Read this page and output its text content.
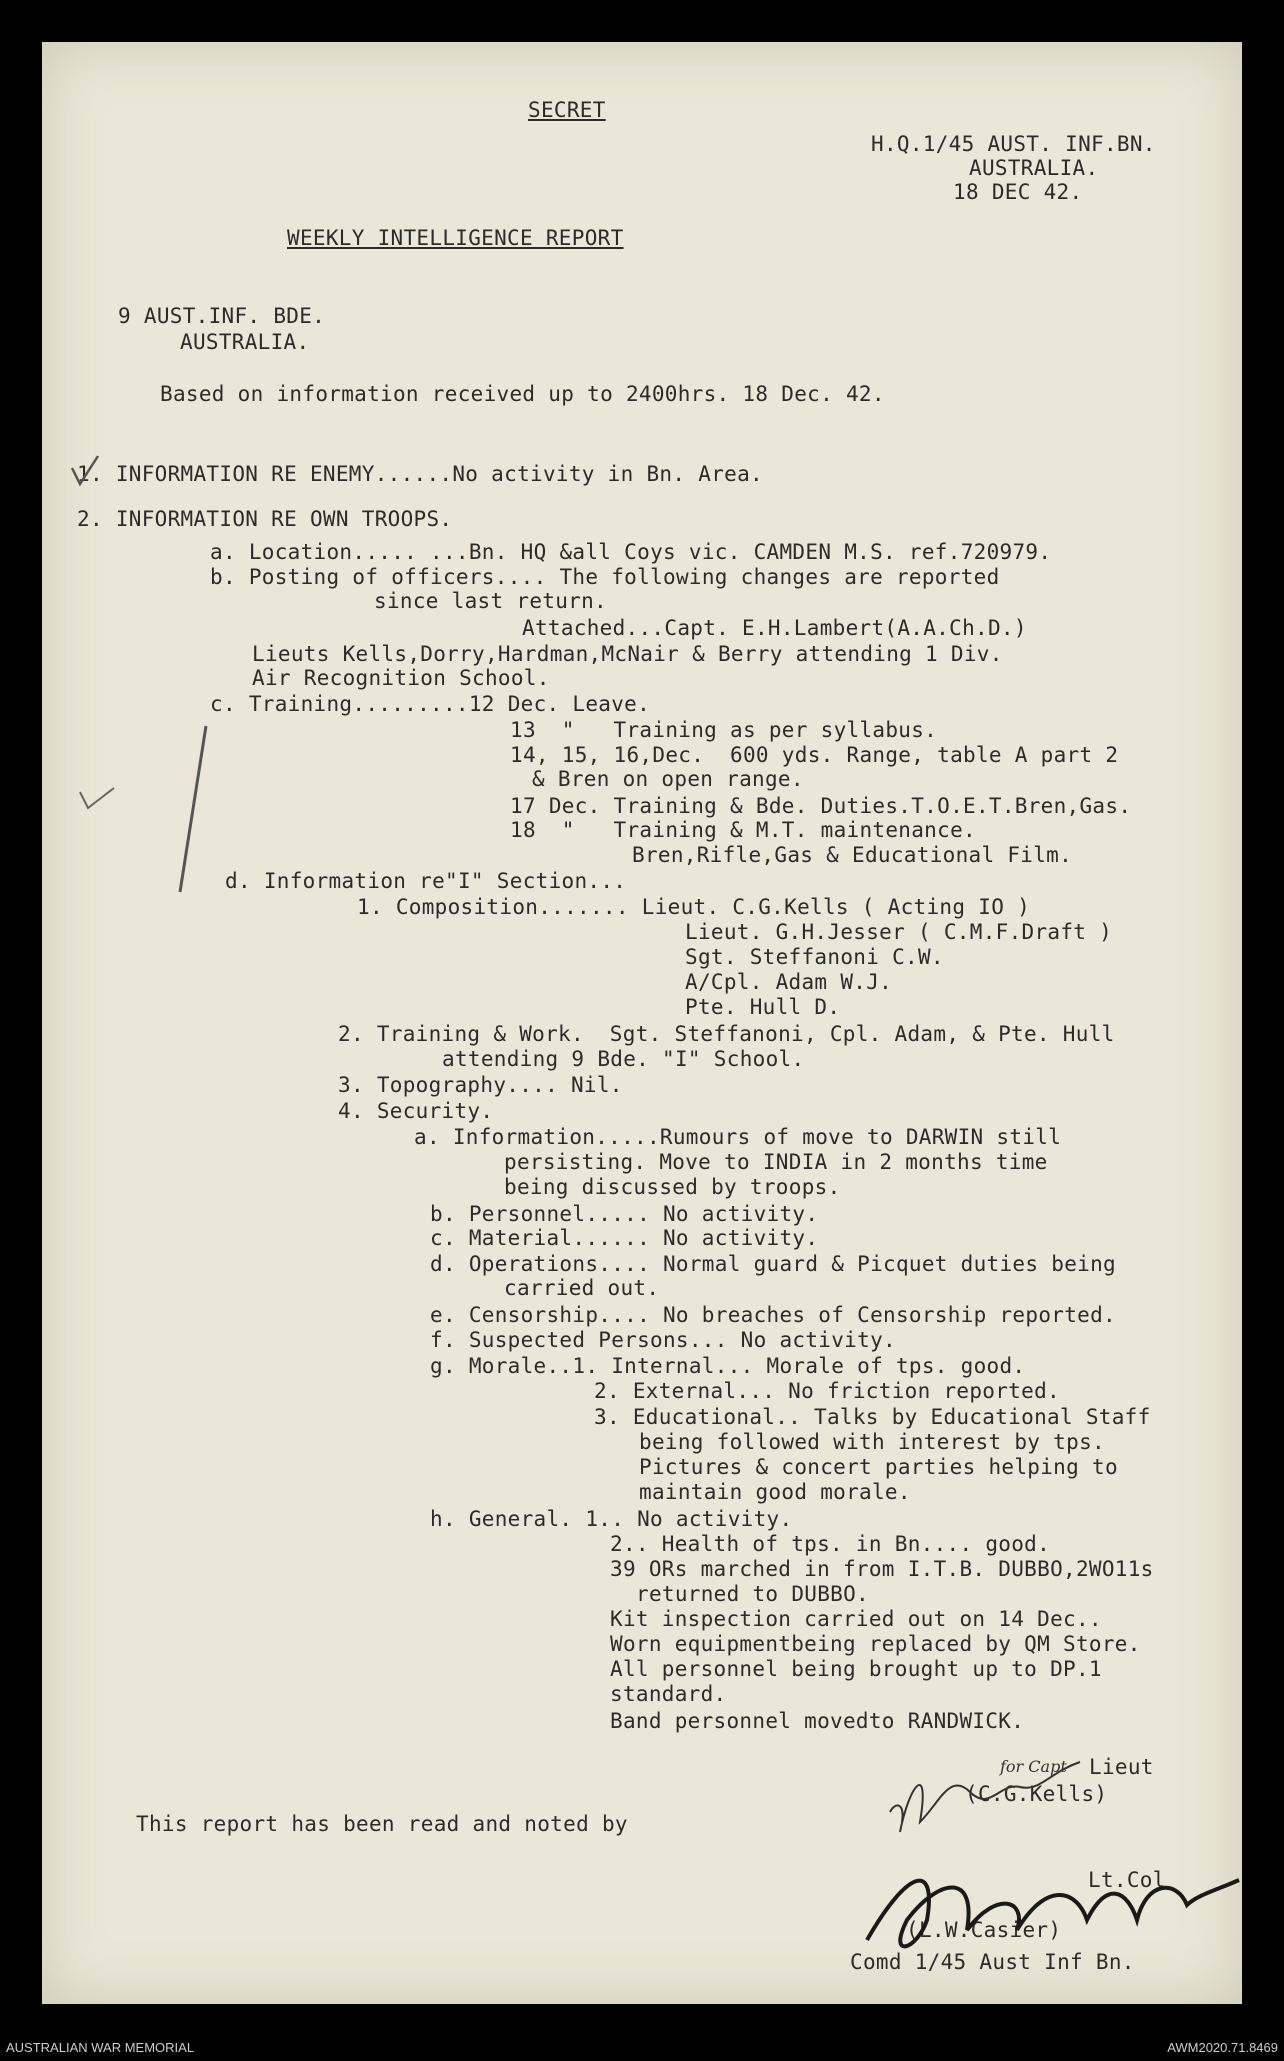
SECRET
H.Q.1/45 AUST. INF.BN.
AUSTRALIA.
18 DEC 42.
WEEKLY INTELLIGENCE REPORT
9 AUST.INF. BDE.
AUSTRALIA.
Based on information received up to 2400hrs. 18 Dec. 42.
1. INFORMATION RE ENEMY......No activity in Bn. Area.
2. INFORMATION RE OWN TROOPS.
a. Location..... ...Bn. HQ &all Coys vic. CAMDEN M.S. ref.720979.
b. Posting of officers.... The following changes are reported
since last return.
Attached...Capt. E.H.Lambert(A.A.Ch.D.)
Lieuts Kells,Dorry,Hardman,McNair & Berry attending 1 Div.
Air Recognition School.
c. Training.........12 Dec. Leave.
13  "   Training as per syllabus.
14, 15, 16,Dec.  600 yds. Range, table A part 2
& Bren on open range.
17 Dec. Training & Bde. Duties.T.O.E.T.Bren,Gas.
18  "   Training & M.T. maintenance.
Bren,Rifle,Gas & Educational Film.
d. Information re"I" Section...
1. Composition....... Lieut. C.G.Kells ( Acting IO )
Lieut. G.H.Jesser ( C.M.F.Draft )
Sgt. Steffanoni C.W.
A/Cpl. Adam W.J.
Pte. Hull D.
2. Training & Work.  Sgt. Steffanoni, Cpl. Adam, & Pte. Hull
attending 9 Bde. "I" School.
3. Topography.... Nil.
4. Security.
a. Information.....Rumours of move to DARWIN still
persisting. Move to INDIA in 2 months time
being discussed by troops.
b. Personnel..... No activity.
c. Material...... No activity.
d. Operations.... Normal guard & Picquet duties being
carried out.
e. Censorship.... No breaches of Censorship reported.
f. Suspected Persons... No activity.
g. Morale..1. Internal... Morale of tps. good.
2. External... No friction reported.
3. Educational.. Talks by Educational Staff
being followed with interest by tps.
Pictures & concert parties helping to
maintain good morale.
h. General. 1.. No activity.
2.. Health of tps. in Bn.... good.
39 ORs marched in from I.T.B. DUBBO,2WO11s
returned to DUBBO.
Kit inspection carried out on 14 Dec..
Worn equipmentbeing replaced by QM Store.
All personnel being brought up to DP.1
standard.
Band personnel movedto RANDWICK.
Lieut
(C.G.Kells)
This report has been read and noted by
Lt.Col
(L.W.Casier)
Comd 1/45 Aust Inf Bn.
for Capt
AUSTRALIAN WAR MEMORIAL	AWM2020.71.8469
